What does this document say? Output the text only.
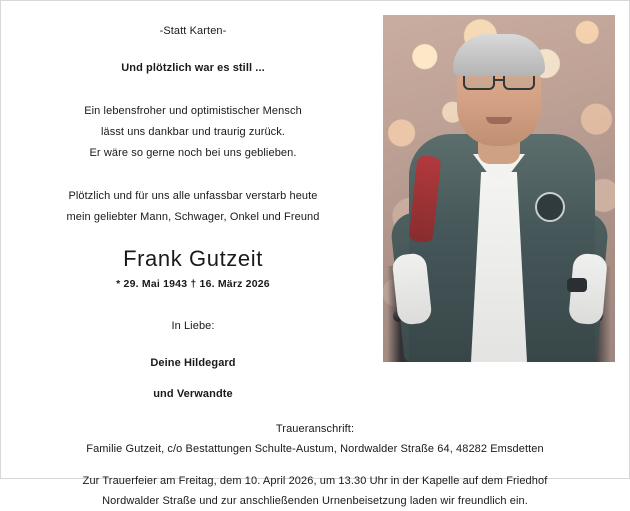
-Statt Karten-
Und plötzlich war es still ...
Ein lebensfroher und optimistischer Mensch
lässt uns dankbar und traurig zurück.
Er wäre so gerne noch bei uns geblieben.
Plötzlich und für uns alle unfassbar verstarb heute
mein geliebter Mann, Schwager, Onkel und Freund
Frank Gutzeit
* 29. Mai 1943 † 16. März 2026
In Liebe:
Deine Hildegard
und Verwandte
Traueranschrift:
Familie Gutzeit, c/o Bestattungen Schulte-Austum, Nordwalder Straße 64, 48282 Emsdetten
Zur Trauerfeier am Freitag, dem 10. April 2026, um 13.30 Uhr in der Kapelle auf dem Friedhof
Nordwalder Straße und zur anschließenden Urnenbeisetzung laden wir freundlich ein.
